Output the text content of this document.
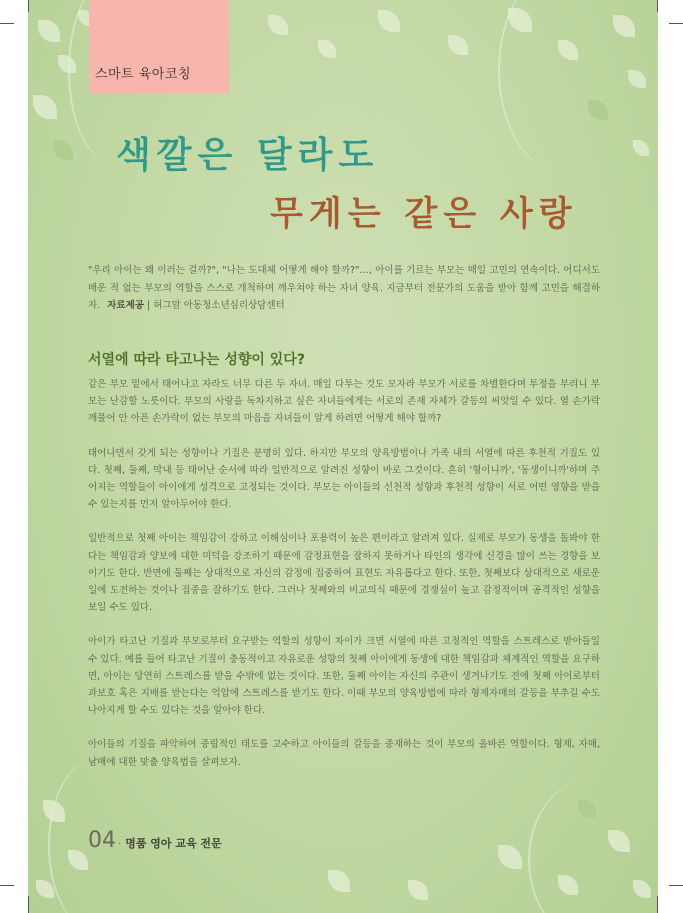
스마트 육아코칭
색깔은 달라도
무게는 같은 사랑
"우리 아이는 왜 이러는 걸까?", "나는 도대체 어떻게 해야 할까?"…, 아이를 기르는 부모는 매일 고민의 연속이다. 어디서도 배운 적 없는 부모의 역할을 스스로 개척하며 깨우쳐야 하는 자녀 양육. 지금부터 전문가의 도움을 받아 함께 고민을 해결하자. 자료제공 | 허그맘 아동청소년심리상담센터
서열에 따라 타고나는 성향이 있다?

같은 부모 밑에서 태어나고 자라도 너무 다른 두 자녀. 매일 다투는 것도 모자라 부모가 서로를 차별한다며 투정을 부리니 부모는 난감할 노릇이다. 부모의 사랑을 독차지하고 싶은 자녀들에게는 서로의 존재 자체가 갈등의 씨앗일 수 있다. 열 손가락 깨물어 안 아픈 손가락이 없는 부모의 마음을 자녀들이 알게 하려면 어떻게 해야 할까?

태어나면서 갖게 되는 성향이나 기질은 분명히 있다. 하지만 부모의 양육방법이나 가족 내의 서열에 따른 후천적 기질도 있다. 첫째, 둘째, 막내 등 태어난 순서에 따라 일반적으로 알려진 성향이 바로 그것이다. 흔히 '형이니까', '동생이니까'하며 주어지는 역할들이 아이에게 성격으로 고정되는 것이다. 부모는 아이들의 선천적 성향과 후천적 성향이 서로 어떤 영향을 받을 수 있는지를 먼저 알아두어야 한다.

일반적으로 첫째 아이는 책임감이 강하고 이해심이나 포용력이 높은 편이라고 알려져 있다. 실제로 부모가 동생을 돌봐야 한다는 책임감과 양보에 대한 미덕을 강조하기 때문에 감정표현을 잘하지 못하거나 타인의 생각에 신경을 많이 쓰는 경향을 보이기도 한다. 반면에 둘째는 상대적으로 자신의 감정에 집중하여 표현도 자유롭다고 한다. 또한, 첫째보다 상대적으로 새로운 일에 도전하는 것이나 집중을 잘하기도 한다. 그러나 첫째와의 비교의식 때문에 경쟁심이 높고 감정적이며 공격적인 성향을 보일 수도 있다.

아이가 타고난 기질과 부모로부터 요구받는 역할의 성향이 차이가 크면 서열에 따른 고정적인 역할을 스트레스로 받아들일 수 있다. 예를 들어 타고난 기질이 충동적이고 자유로운 성향의 첫째 아이에게 동생에 대한 책임감과 체계적인 역할을 요구하면, 아이는 당연히 스트레스를 받을 수밖에 없는 것이다. 또한, 둘째 아이는 자신의 주관이 생겨나기도 전에 첫째 아이로부터 과보호 혹은 지배를 받는다는 억압에 스트레스를 받기도 한다. 이때 부모의 양육방법에 따라 형제자매의 갈등을 부추길 수도 나아지게 할 수도 있다는 것을 알아야 한다.

아이들의 기질을 파악하여 중립적인 태도를 고수하고 아이들의 갈등을 중재하는 것이 부모의 올바른 역할이다. 형제, 자매, 남매에 대한 맞춤 양육법을 살펴보자.

04 · 명품 영아 교육 전문
